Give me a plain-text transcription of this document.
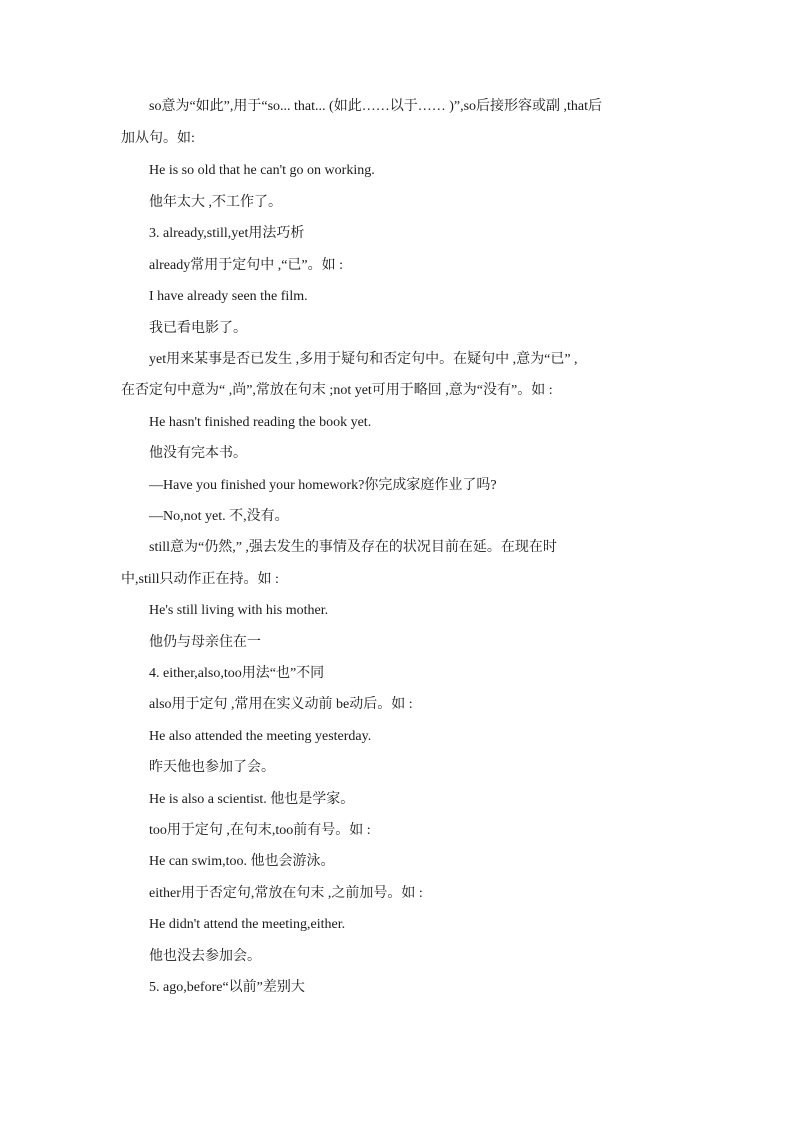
so意为“如此”,用于“so... that... (如此……以于…… )”,so后接形容或副 ,that后
加从句。如:
He is so old that he can't go on working.
他年太大 ,不工作了。
3. already,still,yet用法巧析
already常用于定句中 ,“已”。如 :
I have already seen the film.
我已看电影了。
yet用来某事是否已发生 ,多用于疑句和否定句中。在疑句中 ,意为“已” ,
在否定句中意为“ ,尚”,常放在句末 ;not yet可用于略回 ,意为“没有”。如 :
He hasn't finished reading the book yet.
他没有完本书。
—Have you finished your homework?你完成家庭作业了吗?
—No,not yet. 不,没有。
still意为“仍然,” ,强去发生的事情及存在的状况目前在延。在现在时
中,still只动作正在持。如 :
He's still living with his mother.
他仍与母亲住在一
4. either,also,too用法“也”不同
also用于定句 ,常用在实义动前 be动后。如 :
He also attended the meeting yesterday.
昨天他也参加了会。
He is also a scientist. 他也是学家。
too用于定句 ,在句末,too前有号。如 :
He can swim,too. 他也会游泳。
either用于否定句,常放在句末 ,之前加号。如 :
He didn't attend the meeting,either.
他也没去参加会。
5. ago,before“以前”差别大
